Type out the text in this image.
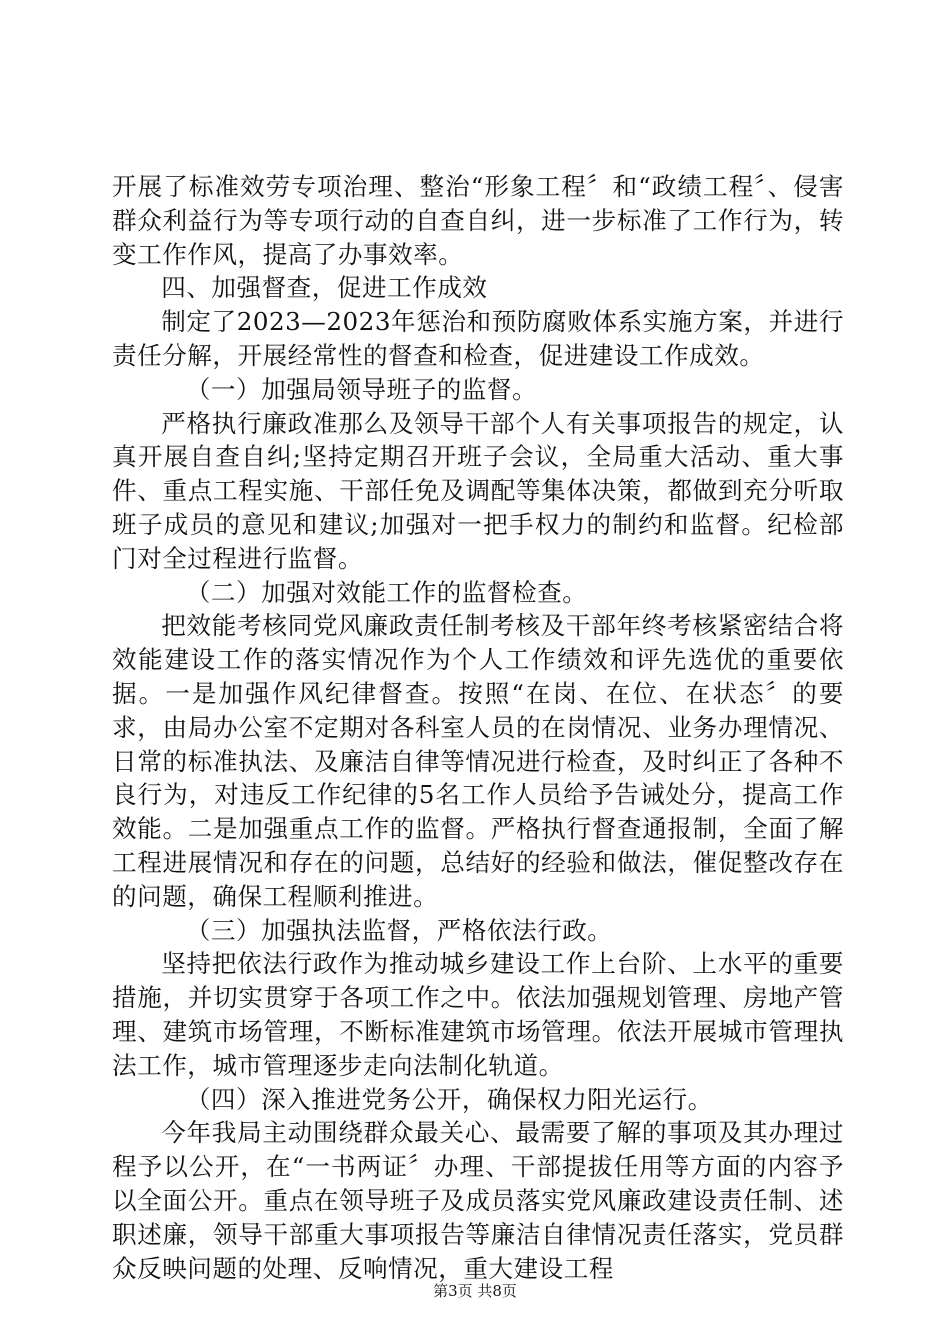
开展了标准效劳专项治理、整治“形象工程〞和“政绩工程〞、侵害群众利益行为等专项行动的自查自纠，进一步标准了工作行为，转变工作作风，提高了办事效率。

四、加强督查，促进工作成效

制定了2023—2023年惩治和预防腐败体系实施方案，并进行责任分解，开展经常性的督查和检查，促进建设工作成效。

（一）加强局领导班子的监督。

严格执行廉政准那么及领导干部个人有关事项报告的规定，认真开展自查自纠;坚持定期召开班子会议，全局重大活动、重大事件、重点工程实施、干部任免及调配等集体决策，都做到充分听取班子成员的意见和建议;加强对一把手权力的制约和监督。纪检部门对全过程进行监督。

（二）加强对效能工作的监督检查。

把效能考核同党风廉政责任制考核及干部年终考核紧密结合将效能建设工作的落实情况作为个人工作绩效和评先选优的重要依据。一是加强作风纪律督查。按照“在岗、在位、在状态〞的要求，由局办公室不定期对各科室人员的在岗情况、业务办理情况、日常的标准执法、及廉洁自律等情况进行检查，及时纠正了各种不良行为，对违反工作纪律的5名工作人员给予告诫处分，提高工作效能。二是加强重点工作的监督。严格执行督查通报制，全面了解工程进展情况和存在的问题，总结好的经验和做法，催促整改存在的问题，确保工程顺利推进。

（三）加强执法监督，严格依法行政。

坚持把依法行政作为推动城乡建设工作上台阶、上水平的重要措施，并切实贯穿于各项工作之中。依法加强规划管理、房地产管理、建筑市场管理，不断标准建筑市场管理。依法开展城市管理执法工作，城市管理逐步走向法制化轨道。

（四）深入推进党务公开，确保权力阳光运行。

今年我局主动围绕群众最关心、最需要了解的事项及其办理过程予以公开，在“一书两证〞办理、干部提拔任用等方面的内容予以全面公开。重点在领导班子及成员落实党风廉政建设责任制、述职述廉，领导干部重大事项报告等廉洁自律情况责任落实，党员群众反映问题的处理、反响情况，重大建设工程

第3页 共8页
